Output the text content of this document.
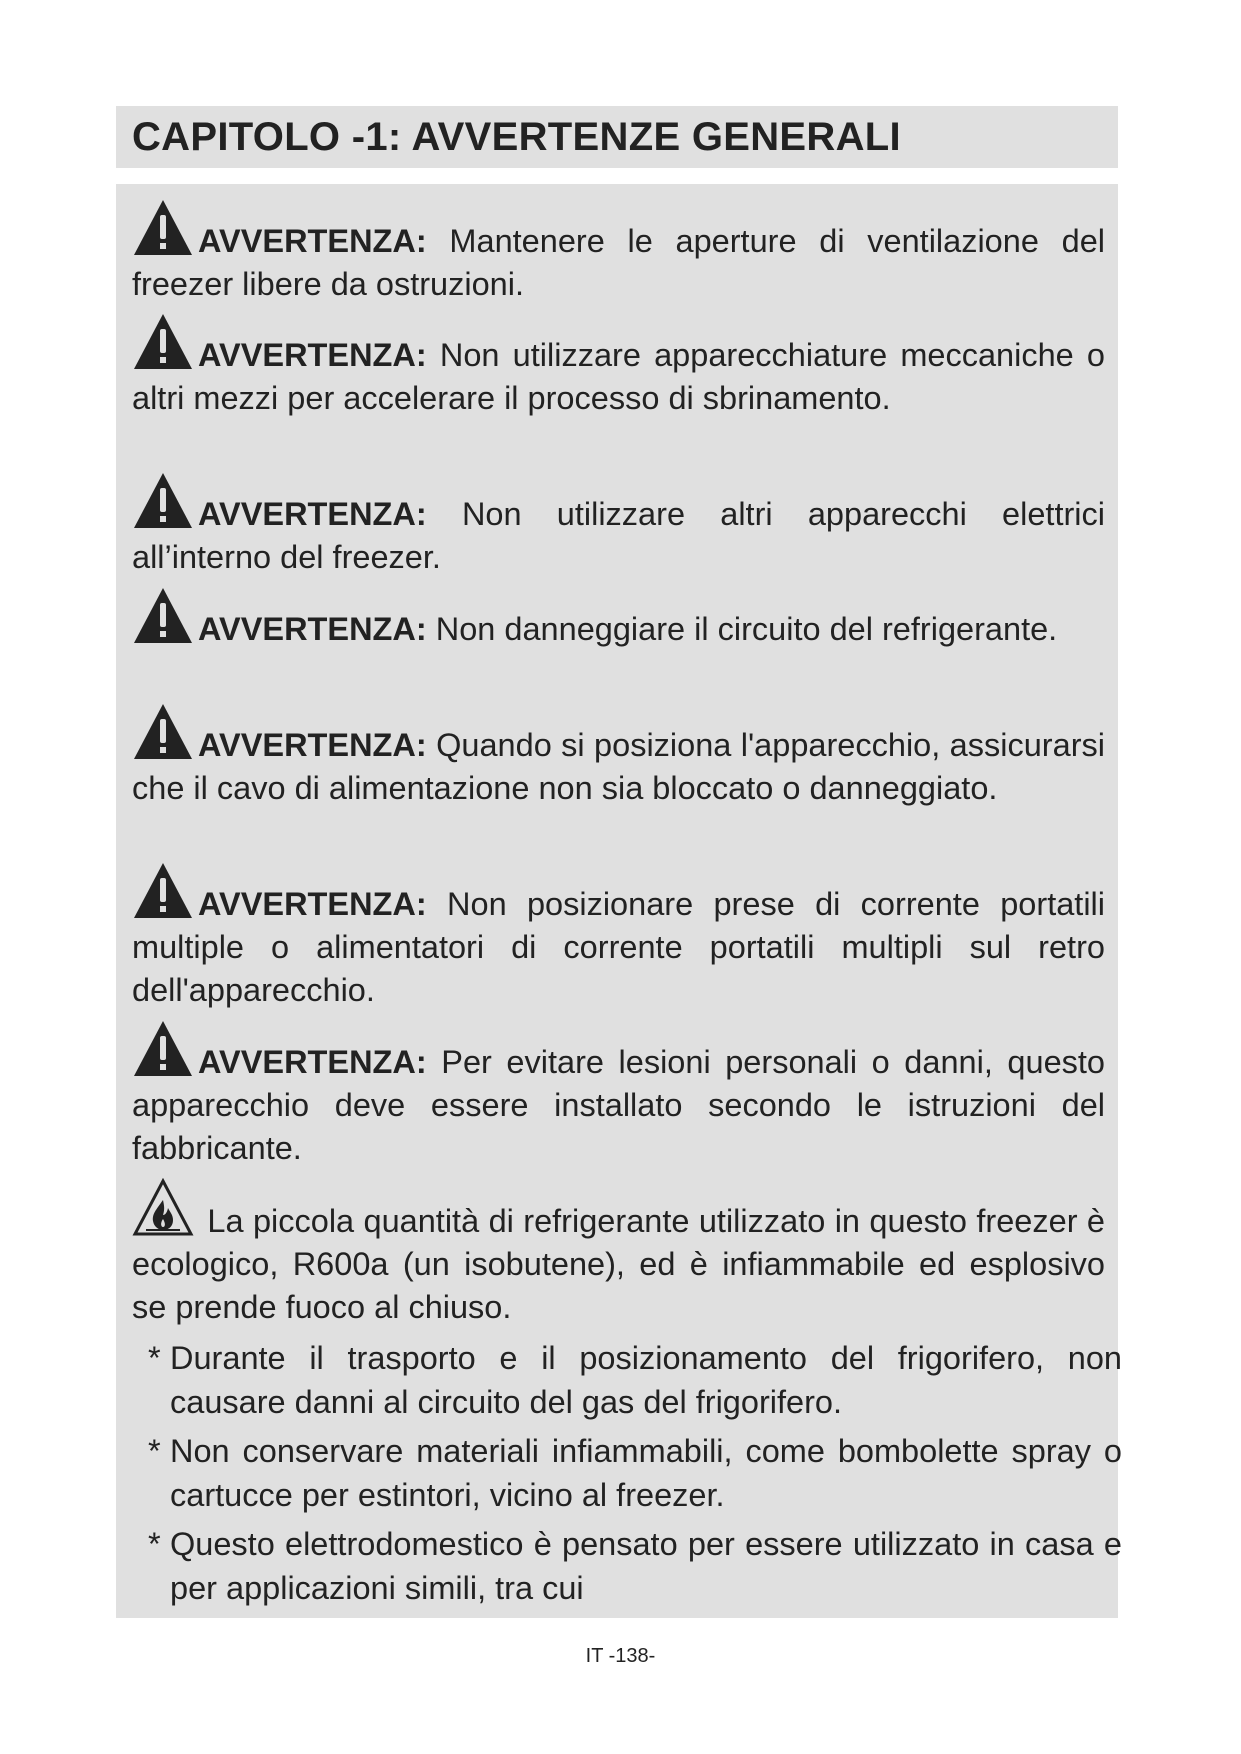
CAPITOLO -1: AVVERTENZE GENERALI

AVVERTENZA: Mantenere le aperture di ventilazione del freezer libere da ostruzioni.

AVVERTENZA: Non utilizzare apparecchiature meccaniche o altri mezzi per accelerare il processo di sbrinamento.

AVVERTENZA: Non utilizzare altri apparecchi elettrici all’interno del freezer.

AVVERTENZA: Non danneggiare il circuito del refrigerante.

AVVERTENZA: Quando si posiziona l'apparecchio, assicurarsi che il cavo di alimentazione non sia bloccato o danneggiato.

AVVERTENZA: Non posizionare prese di corrente portatili multiple o alimentatori di corrente portatili multipli sul retro dell'apparecchio.

AVVERTENZA: Per evitare lesioni personali o danni, questo apparecchio deve essere installato secondo le istruzioni del fabbricante.

La piccola quantità di refrigerante utilizzato in questo freezer è ecologico, R600a (un isobutene), ed è infiammabile ed esplosivo se prende fuoco al chiuso.

* Durante il trasporto e il posizionamento del frigorifero, non causare danni al circuito del gas del frigorifero.

* Non conservare materiali infiammabili, come bombolette spray o cartucce per estintori, vicino al freezer.

* Questo elettrodomestico è pensato per essere utilizzato in casa e per applicazioni simili, tra cui

IT -138-
